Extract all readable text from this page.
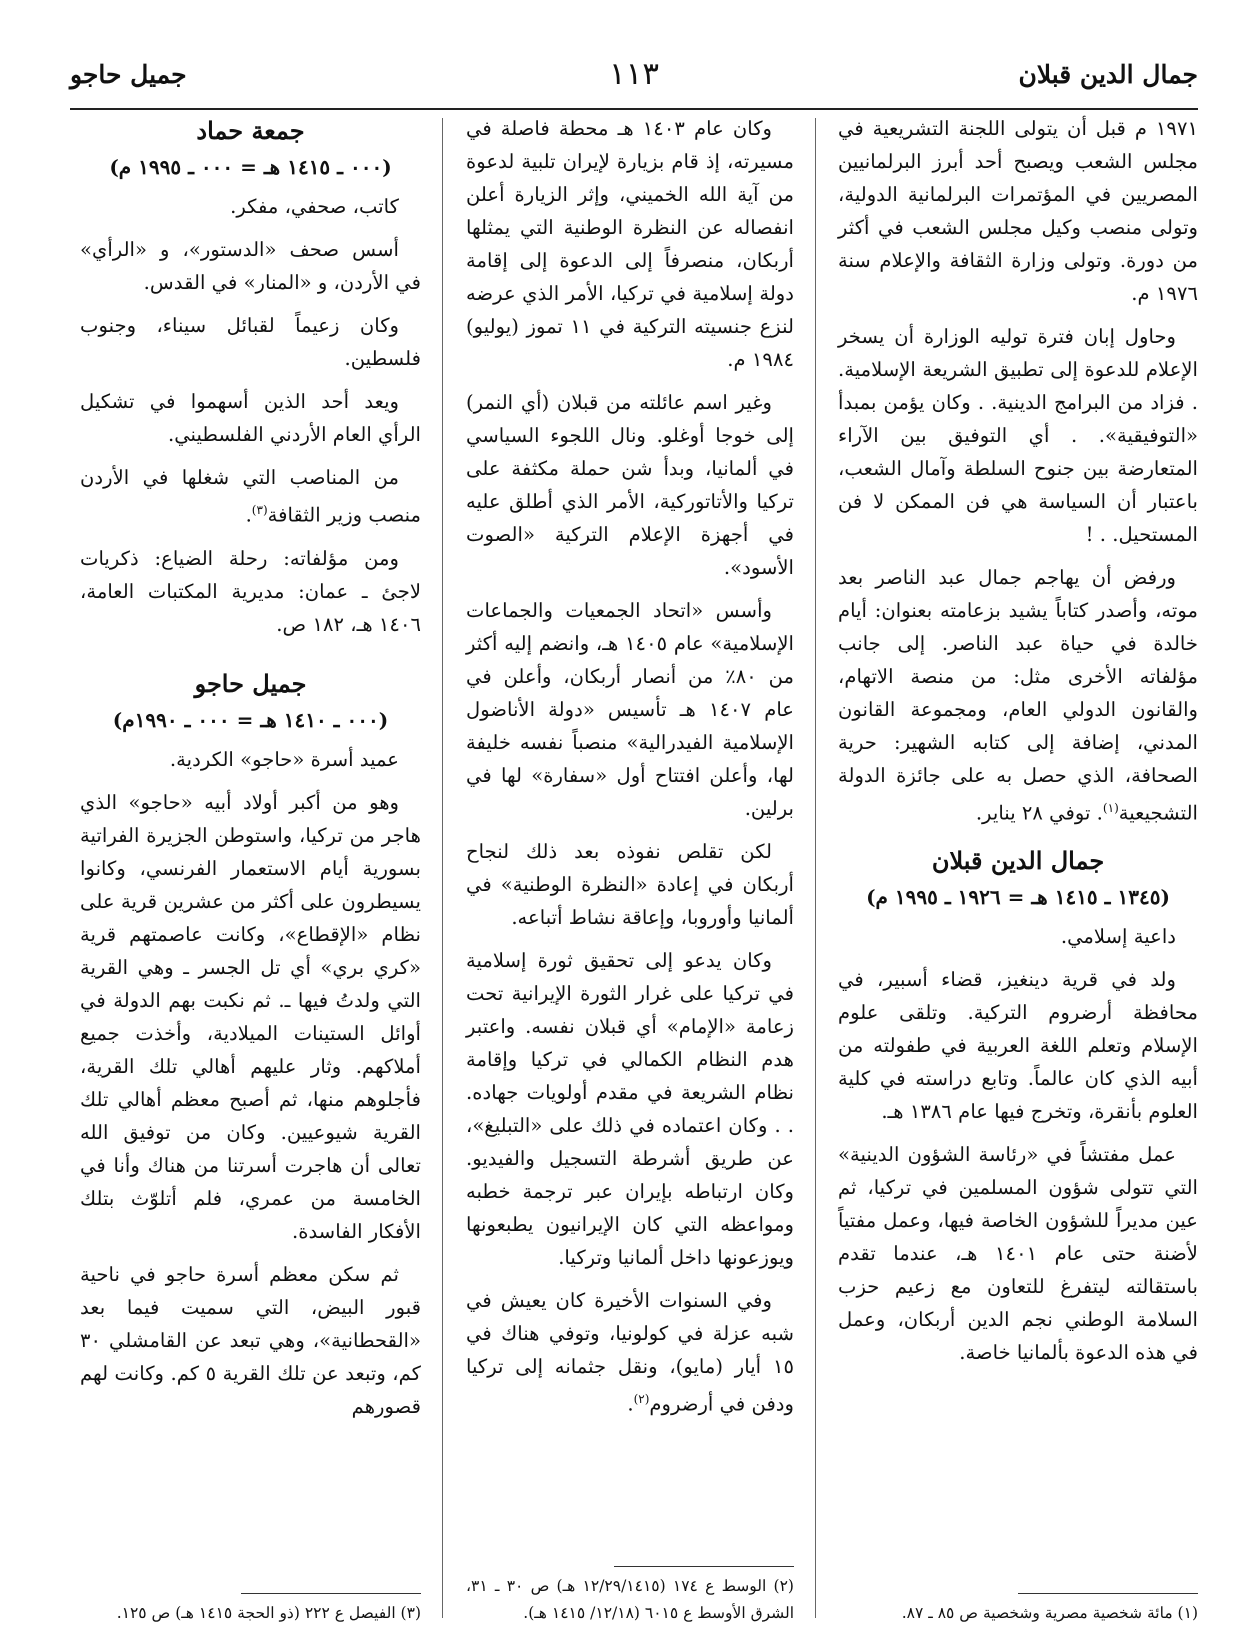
جمال الدين قبلان
١١٣
جميل حاجو

١٩٧١ م قبل أن يتولى اللجنة التشريعية في مجلس الشعب ويصبح أحد أبرز البرلمانيين المصريين في المؤتمرات البرلمانية الدولية، وتولى منصب وكيل مجلس الشعب في أكثر من دورة. وتولى وزارة الثقافة والإعلام سنة ١٩٧٦ م.

وحاول إبان فترة توليه الوزارة أن يسخر الإعلام للدعوة إلى تطبيق الشريعة الإسلامية. . فزاد من البرامج الدينية. . وكان يؤمن بمبدأ «التوفيقية». . أي التوفيق بين الآراء المتعارضة بين جنوح السلطة وآمال الشعب، باعتبار أن السياسة هي فن الممكن لا فن المستحيل. . !

ورفض أن يهاجم جمال عبد الناصر بعد موته، وأصدر كتاباً يشيد بزعامته بعنوان: أيام خالدة في حياة عبد الناصر. إلى جانب مؤلفاته الأخرى مثل: من منصة الاتهام، والقانون الدولي العام، ومجموعة القانون المدني، إضافة إلى كتابه الشهير: حرية الصحافة، الذي حصل به على جائزة الدولة التشجيعية$^{(١)}$. توفي ٢٨ يناير.

جمال الدين قبلان
(١٣٤٥ ـ ١٤١٥ هـ = ١٩٢٦ ـ ١٩٩٥ م)

داعية إسلامي.

ولد في قرية دينغيز، قضاء أسبير، في محافظة أرضروم التركية. وتلقى علوم الإسلام وتعلم اللغة العربية في طفولته من أبيه الذي كان عالماً. وتابع دراسته في كلية العلوم بأنقرة، وتخرج فيها عام ١٣٨٦ هـ.

عمل مفتشاً في «رئاسة الشؤون الدينية» التي تتولى شؤون المسلمين في تركيا، ثم عين مديراً للشؤون الخاصة فيها، وعمل مفتياً لأضنة حتى عام ١٤٠١ هـ، عندما تقدم باستقالته ليتفرغ للتعاون مع زعيم حزب السلامة الوطني نجم الدين أربكان، وعمل في هذه الدعوة بألمانيا خاصة.

(١) مائة شخصية مصرية وشخصية ص ٨٥ ـ ٨٧.

وكان عام ١٤٠٣ هـ محطة فاصلة في مسيرته، إذ قام بزيارة لإيران تلبية لدعوة من آية الله الخميني، وإثر الزيارة أعلن انفصاله عن النظرة الوطنية التي يمثلها أربكان، منصرفاً إلى الدعوة إلى إقامة دولة إسلامية في تركيا، الأمر الذي عرضه لنزع جنسيته التركية في ١١ تموز (يوليو) ١٩٨٤ م.

وغير اسم عائلته من قبلان (أي النمر) إلى خوجا أوغلو. ونال اللجوء السياسي في ألمانيا، وبدأ شن حملة مكثفة على تركيا والأتاتوركية، الأمر الذي أطلق عليه في أجهزة الإعلام التركية «الصوت الأسود».

وأسس «اتحاد الجمعيات والجماعات الإسلامية» عام ١٤٠٥ هـ، وانضم إليه أكثر من ٨٠٪ من أنصار أربكان، وأعلن في عام ١٤٠٧ هـ تأسيس «دولة الأناضول الإسلامية الفيدرالية» منصباً نفسه خليفة لها، وأعلن افتتاح أول «سفارة» لها في برلين.

لكن تقلص نفوذه بعد ذلك لنجاح أربكان في إعادة «النظرة الوطنية» في ألمانيا وأوروبا، وإعاقة نشاط أتباعه.

وكان يدعو إلى تحقيق ثورة إسلامية في تركيا على غرار الثورة الإيرانية تحت زعامة «الإمام» أي قبلان نفسه. واعتبر هدم النظام الكمالي في تركيا وإقامة نظام الشريعة في مقدم أولويات جهاده. . . وكان اعتماده في ذلك على «التبليغ»، عن طريق أشرطة التسجيل والفيديو. وكان ارتباطه بإيران عبر ترجمة خطبه ومواعظه التي كان الإيرانيون يطبعونها ويوزعونها داخل ألمانيا وتركيا.

وفي السنوات الأخيرة كان يعيش في شبه عزلة في كولونيا، وتوفي هناك في ١٥ أيار (مايو)، ونقل جثمانه إلى تركيا ودفن في أرضروم$^{(٢)}$.

(٢) الوسط ع ١٧٤ (١٢/٢٩/١٤١٥ هـ) ص ٣٠ ـ ٣١، الشرق الأوسط ع ٦٠١٥ (١٢/١٨/ ١٤١٥ هـ).

جمعة حماد
(٠٠٠ ـ ١٤١٥ هـ = ٠٠٠ ـ ١٩٩٥ م)

كاتب، صحفي، مفكر.

أسس صحف «الدستور»، و «الرأي» في الأردن، و «المنار» في القدس.

وكان زعيماً لقبائل سيناء، وجنوب فلسطين.

ويعد أحد الذين أسهموا في تشكيل الرأي العام الأردني الفلسطيني.

من المناصب التي شغلها في الأردن منصب وزير الثقافة$^{(٣)}$.

ومن مؤلفاته: رحلة الضياع: ذكريات لاجئ ـ عمان: مديرية المكتبات العامة، ١٤٠٦ هـ، ١٨٢ ص.

جميل حاجو
(٠٠٠ ـ ١٤١٠ هـ = ٠٠٠ ـ ١٩٩٠م)

عميد أسرة «حاجو» الكردية.

وهو من أكبر أولاد أبيه «حاجو» الذي هاجر من تركيا، واستوطن الجزيرة الفراتية بسورية أيام الاستعمار الفرنسي، وكانوا يسيطرون على أكثر من عشرين قرية على نظام «الإقطاع»، وكانت عاصمتهم قرية «كري بري» أي تل الجسر ـ وهي القرية التي ولدتُ فيها ـ. ثم نكبت بهم الدولة في أوائل الستينات الميلادية، وأخذت جميع أملاكهم. وثار عليهم أهالي تلك القرية، فأجلوهم منها، ثم أصبح معظم أهالي تلك القرية شيوعيين. وكان من توفيق الله تعالى أن هاجرت أسرتنا من هناك وأنا في الخامسة من عمري، فلم أتلوّث بتلك الأفكار الفاسدة.

ثم سكن معظم أسرة حاجو في ناحية قبور البيض، التي سميت فيما بعد «القحطانية»، وهي تبعد عن القامشلي ٣٠ كم، وتبعد عن تلك القرية ٥ كم. وكانت لهم قصورهم

(٣) الفيصل ع ٢٢٢ (ذو الحجة ١٤١٥ هـ) ص ١٢٥.
